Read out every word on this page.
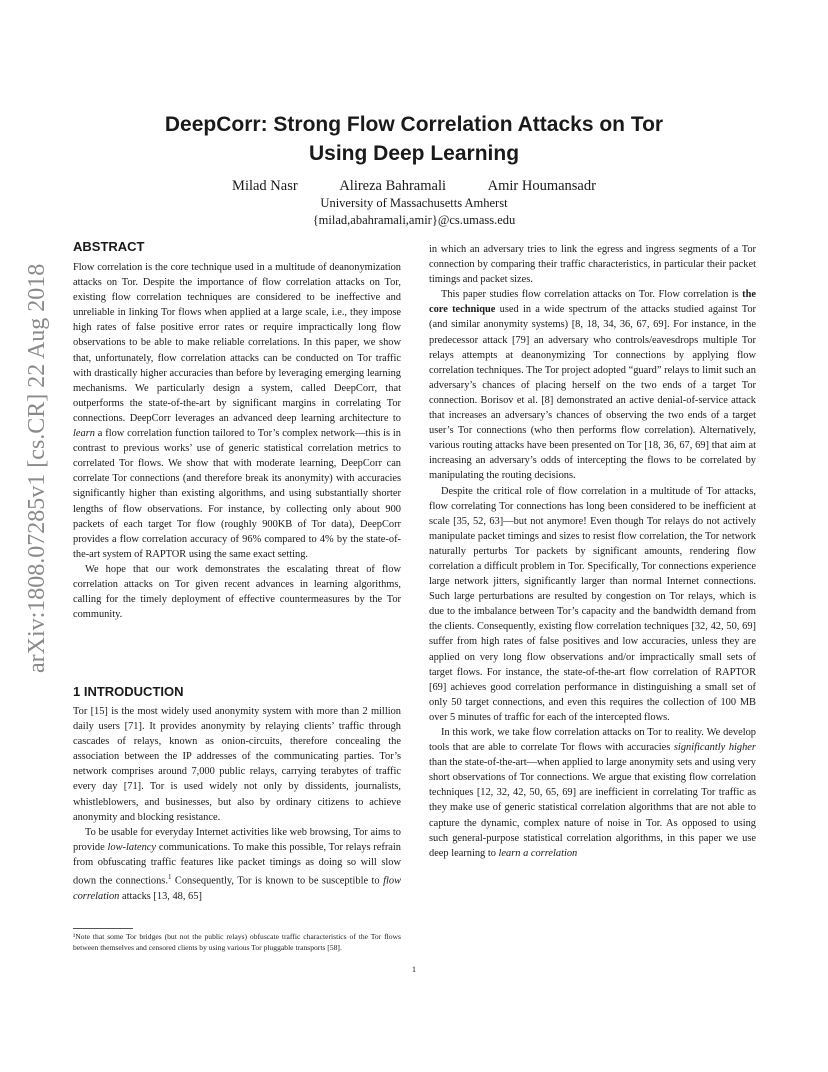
arXiv:1808.07285v1 [cs.CR] 22 Aug 2018
DeepCorr: Strong Flow Correlation Attacks on Tor
Using Deep Learning
Milad Nasr	Alireza Bahramali	Amir Houmansadr
University of Massachusetts Amherst
{milad,abahramali,amir}@cs.umass.edu
ABSTRACT

Flow correlation is the core technique used in a multitude of deanonymization attacks on Tor. Despite the importance of flow correlation attacks on Tor, existing flow correlation techniques are considered to be ineffective and unreliable in linking Tor flows when applied at a large scale, i.e., they impose high rates of false positive error rates or require impractically long flow observations to be able to make reliable correlations. In this paper, we show that, unfortunately, flow correlation attacks can be conducted on Tor traffic with drastically higher accuracies than before by leveraging emerging learning mechanisms. We particularly design a system, called DeepCorr, that outperforms the state-of-the-art by significant margins in correlating Tor connections. DeepCorr leverages an advanced deep learning architecture to learn a flow correlation function tailored to Tor’s complex network—this is in contrast to previous works’ use of generic statistical correlation metrics to correlated Tor flows. We show that with moderate learning, DeepCorr can correlate Tor connections (and therefore break its anonymity) with accuracies significantly higher than existing algorithms, and using substantially shorter lengths of flow observations. For instance, by collecting only about 900 packets of each target Tor flow (roughly 900KB of Tor data), DeepCorr provides a flow correlation accuracy of 96% compared to 4% by the state-of-the-art system of RAPTOR using the same exact setting.

We hope that our work demonstrates the escalating threat of flow correlation attacks on Tor given recent advances in learning algorithms, calling for the timely deployment of effective countermeasures by the Tor community.

1 INTRODUCTION

Tor [15] is the most widely used anonymity system with more than 2 million daily users [71]. It provides anonymity by relaying clients’ traffic through cascades of relays, known as onion-circuits, therefore concealing the association between the IP addresses of the communicating parties. Tor’s network comprises around 7,000 public relays, carrying terabytes of traffic every day [71]. Tor is used widely not only by dissidents, journalists, whistleblowers, and businesses, but also by ordinary citizens to achieve anonymity and blocking resistance.

To be usable for everyday Internet activities like web browsing, Tor aims to provide low-latency communications. To make this possible, Tor relays refrain from obfuscating traffic features like packet timings as doing so will slow down the connections.$^1$ Consequently, Tor is known to be susceptible to flow correlation attacks [13, 48, 65]

¹Note that some Tor bridges (but not the public relays) obfuscate traffic characteristics of the Tor flows between themselves and censored clients by using various Tor pluggable transports [58].

in which an adversary tries to link the egress and ingress segments of a Tor connection by comparing their traffic characteristics, in particular their packet timings and packet sizes.

This paper studies flow correlation attacks on Tor. Flow correlation is the core technique used in a wide spectrum of the attacks studied against Tor (and similar anonymity systems) [8, 18, 34, 36, 67, 69]. For instance, in the predecessor attack [79] an adversary who controls/eavesdrops multiple Tor relays attempts at deanonymizing Tor connections by applying flow correlation techniques. The Tor project adopted “guard” relays to limit such an adversary’s chances of placing herself on the two ends of a target Tor connection. Borisov et al. [8] demonstrated an active denial-of-service attack that increases an adversary’s chances of observing the two ends of a target user’s Tor connections (who then performs flow correlation). Alternatively, various routing attacks have been presented on Tor [18, 36, 67, 69] that aim at increasing an adversary’s odds of intercepting the flows to be correlated by manipulating the routing decisions.

Despite the critical role of flow correlation in a multitude of Tor attacks, flow correlating Tor connections has long been considered to be inefficient at scale [35, 52, 63]—but not anymore! Even though Tor relays do not actively manipulate packet timings and sizes to resist flow correlation, the Tor network naturally perturbs Tor packets by significant amounts, rendering flow correlation a difficult problem in Tor. Specifically, Tor connections experience large network jitters, significantly larger than normal Internet connections. Such large perturbations are resulted by congestion on Tor relays, which is due to the imbalance between Tor’s capacity and the bandwidth demand from the clients. Consequently, existing flow correlation techniques [32, 42, 50, 69] suffer from high rates of false positives and low accuracies, unless they are applied on very long flow observations and/or impractically small sets of target flows. For instance, the state-of-the-art flow correlation of RAPTOR [69] achieves good correlation performance in distinguishing a small set of only 50 target connections, and even this requires the collection of 100 MB over 5 minutes of traffic for each of the intercepted flows.

In this work, we take flow correlation attacks on Tor to reality. We develop tools that are able to correlate Tor flows with accuracies significantly higher than the state-of-the-art—when applied to large anonymity sets and using very short observations of Tor connections. We argue that existing flow correlation techniques [12, 32, 42, 50, 65, 69] are inefficient in correlating Tor traffic as they make use of generic statistical correlation algorithms that are not able to capture the dynamic, complex nature of noise in Tor. As opposed to using such general-purpose statistical correlation algorithms, in this paper we use deep learning to learn a correlation

1
